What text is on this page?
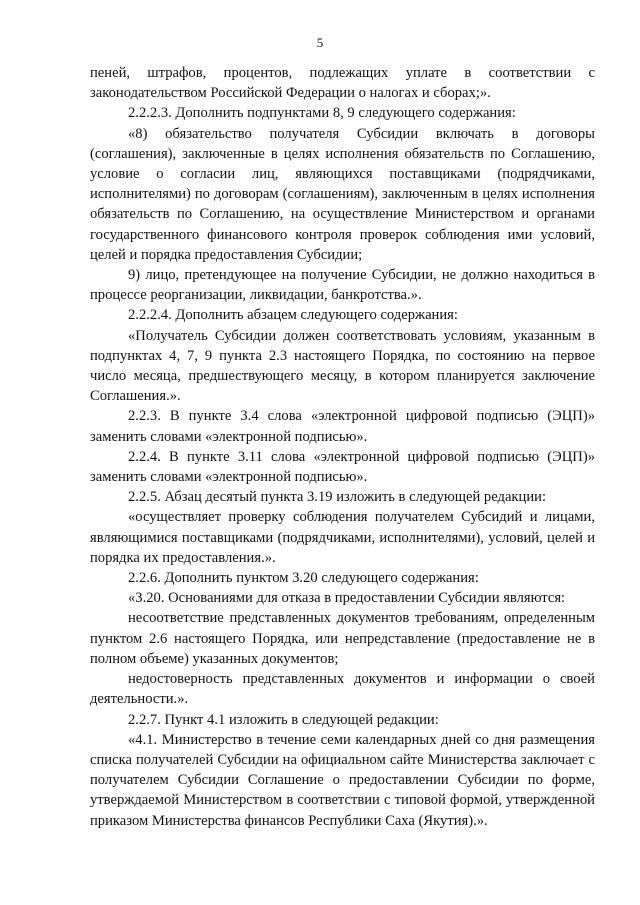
5

пеней, штрафов, процентов, подлежащих уплате в соответствии с законодательством Российской Федерации о налогах и сборах;».

2.2.2.3. Дополнить подпунктами 8, 9 следующего содержания:

«8) обязательство получателя Субсидии включать в договоры (соглашения), заключенные в целях исполнения обязательств по Соглашению, условие о согласии лиц, являющихся поставщиками (подрядчиками, исполнителями) по договорам (соглашениям), заключенным в целях исполнения обязательств по Соглашению, на осуществление Министерством и органами государственного финансового контроля проверок соблюдения ими условий, целей и порядка предоставления Субсидии;

9) лицо, претендующее на получение Субсидии, не должно находиться в процессе реорганизации, ликвидации, банкротства.».

2.2.2.4. Дополнить абзацем следующего содержания:

«Получатель Субсидии должен соответствовать условиям, указанным в подпунктах 4, 7, 9 пункта 2.3 настоящего Порядка, по состоянию на первое число месяца, предшествующего месяцу, в котором планируется заключение Соглашения.».

2.2.3. В пункте 3.4 слова «электронной цифровой подписью (ЭЦП)» заменить словами «электронной подписью».

2.2.4. В пункте 3.11 слова «электронной цифровой подписью (ЭЦП)» заменить словами «электронной подписью».

2.2.5. Абзац десятый пункта 3.19 изложить в следующей редакции:

«осуществляет проверку соблюдения получателем Субсидий и лицами, являющимися поставщиками (подрядчиками, исполнителями), условий, целей и порядка их предоставления.».

2.2.6. Дополнить пунктом 3.20 следующего содержания:

«3.20. Основаниями для отказа в предоставлении Субсидии являются:

несоответствие представленных документов требованиям, определенным пунктом 2.6 настоящего Порядка, или непредставление (предоставление не в полном объеме) указанных документов;

недостоверность представленных документов и информации о своей деятельности.».

2.2.7. Пункт 4.1 изложить в следующей редакции:

«4.1. Министерство в течение семи календарных дней со дня размещения списка получателей Субсидии на официальном сайте Министерства заключает с получателем Субсидии Соглашение о предоставлении Субсидии по форме, утверждаемой Министерством в соответствии с типовой формой, утвержденной приказом Министерства финансов Республики Саха (Якутия).».
